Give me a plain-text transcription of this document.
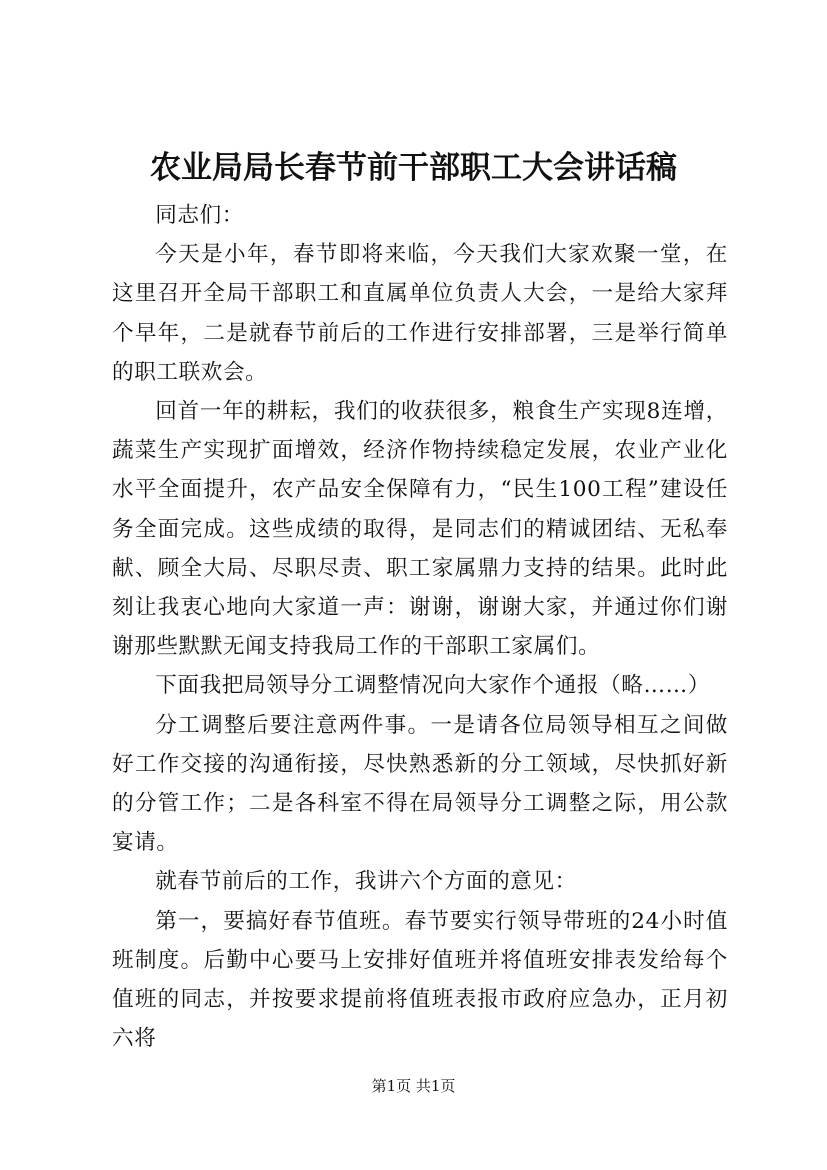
农业局局长春节前干部职工大会讲话稿

同志们：

今天是小年，春节即将来临，今天我们大家欢聚一堂，在这里召开全局干部职工和直属单位负责人大会，一是给大家拜个早年，二是就春节前后的工作进行安排部署，三是举行简单的职工联欢会。

回首一年的耕耘，我们的收获很多，粮食生产实现8连增，蔬菜生产实现扩面增效，经济作物持续稳定发展，农业产业化水平全面提升，农产品安全保障有力，“民生100工程”建设任务全面完成。这些成绩的取得，是同志们的精诚团结、无私奉献、顾全大局、尽职尽责、职工家属鼎力支持的结果。此时此刻让我衷心地向大家道一声：谢谢，谢谢大家，并通过你们谢谢那些默默无闻支持我局工作的干部职工家属们。

下面我把局领导分工调整情况向大家作个通报（略……）

分工调整后要注意两件事。一是请各位局领导相互之间做好工作交接的沟通衔接，尽快熟悉新的分工领域，尽快抓好新的分管工作；二是各科室不得在局领导分工调整之际，用公款宴请。

就春节前后的工作，我讲六个方面的意见：

第一，要搞好春节值班。春节要实行领导带班的24小时值班制度。后勤中心要马上安排好值班并将值班安排表发给每个值班的同志，并按要求提前将值班表报市政府应急办，正月初六将

第1页 共1页
